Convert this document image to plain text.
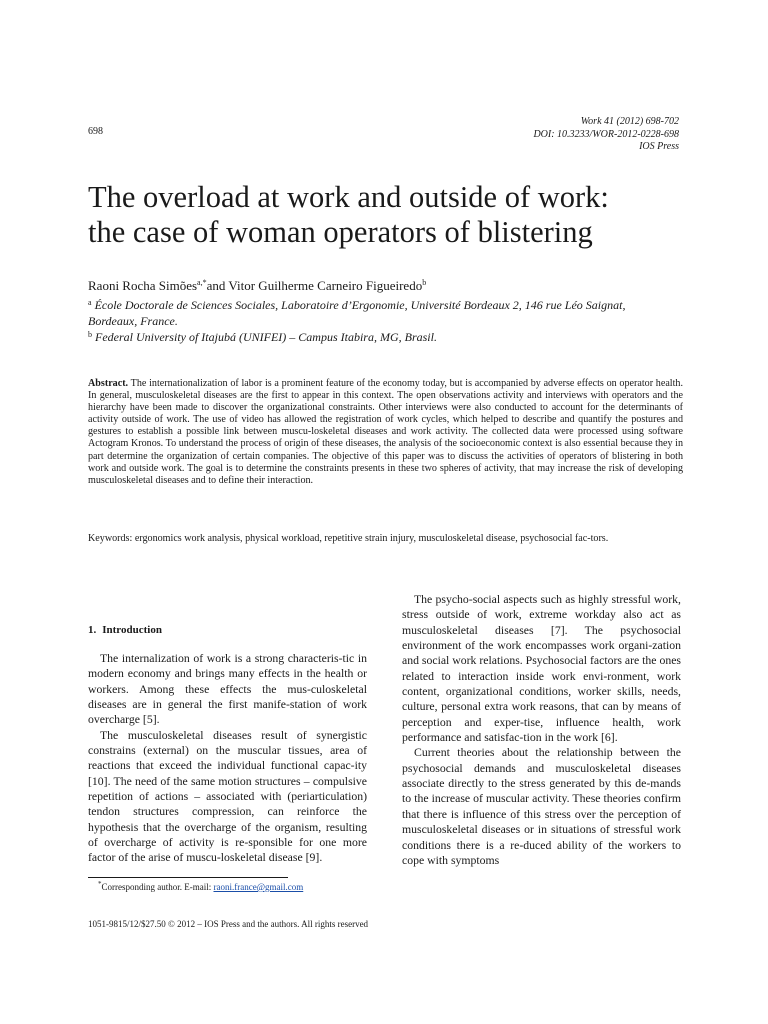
698
Work 41 (2012) 698-702
DOI: 10.3233/WOR-2012-0228-698
IOS Press
The overload at work and outside of work:
the case of woman operators of blistering
Raoni Rocha Simões$^{a,*}$and Vitor Guilherme Carneiro Figueiredo$^b$
$^a$ École Doctorale de Sciences Sociales, Laboratoire d’Ergonomie, Université Bordeaux 2, 146 rue Léo Saignat,
Bordeaux, France.
$^b$ Federal University of Itajubá (UNIFEI) – Campus Itabira, MG, Brasil.
Abstract. The internationalization of labor is a prominent feature of the economy today, but is accompanied by adverse effects on operator health. In general, musculoskeletal diseases are the first to appear in this context. The open observations activity and interviews with operators and the hierarchy have been made to discover the organizational constraints. Other interviews were also conducted to account for the determinants of activity outside of work. The use of video has allowed the registration of work cycles, which helped to describe and quantify the postures and gestures to establish a possible link between muscu-loskeletal diseases and work activity. The collected data were processed using software Actogram Kronos. To understand the process of origin of these diseases, the analysis of the socioeconomic context is also essential because they in part determine the organization of certain companies. The objective of this paper was to discuss the activities of operators of blistering in both work and outside work. The goal is to determine the constraints presents in these two spheres of activity, that may increase the risk of developing musculoskeletal diseases and to define their interaction.
Keywords: ergonomics work analysis, physical workload, repetitive strain injury, musculoskeletal disease, psychosocial fac-tors.
1. Introduction

The internalization of work is a strong characteris-tic in modern economy and brings many effects in the health or workers. Among these effects the mus-culoskeletal diseases are in general the first manife-station of work overcharge [5].

The musculoskeletal diseases result of synergistic constrains (external) on the muscular tissues, area of reactions that exceed the individual functional capac-ity [10]. The need of the same motion structures – compulsive repetition of actions – associated with (periarticulation) tendon structures compression, can reinforce the hypothesis that the overcharge of the organism, resulting of overcharge of activity is re-sponsible for one more factor of the arise of muscu-loskeletal disease [9].

The psycho-social aspects such as highly stressful work, stress outside of work, extreme workday also act as musculoskeletal diseases [7]. The psychosocial environment of the work encompasses work organi-zation and social work relations. Psychosocial factors are the ones related to interaction inside work envi-ronment, work content, organizational conditions, worker skills, needs, culture, personal extra work reasons, that can by means of perception and exper-tise, influence health, work performance and satisfac-tion in the work [6].

Current theories about the relationship between the psychosocial demands and musculoskeletal diseases associate directly to the stress generated by this de-mands to the increase of muscular activity. These theories confirm that there is influence of this stress over the perception of musculoskeletal diseases or in situations of stressful work conditions there is a re-duced ability of the workers to cope with symptoms

*Corresponding author. E-mail: raoni.france@gmail.com
1051-9815/12/$27.50 © 2012 – IOS Press and the authors. All rights reserved
